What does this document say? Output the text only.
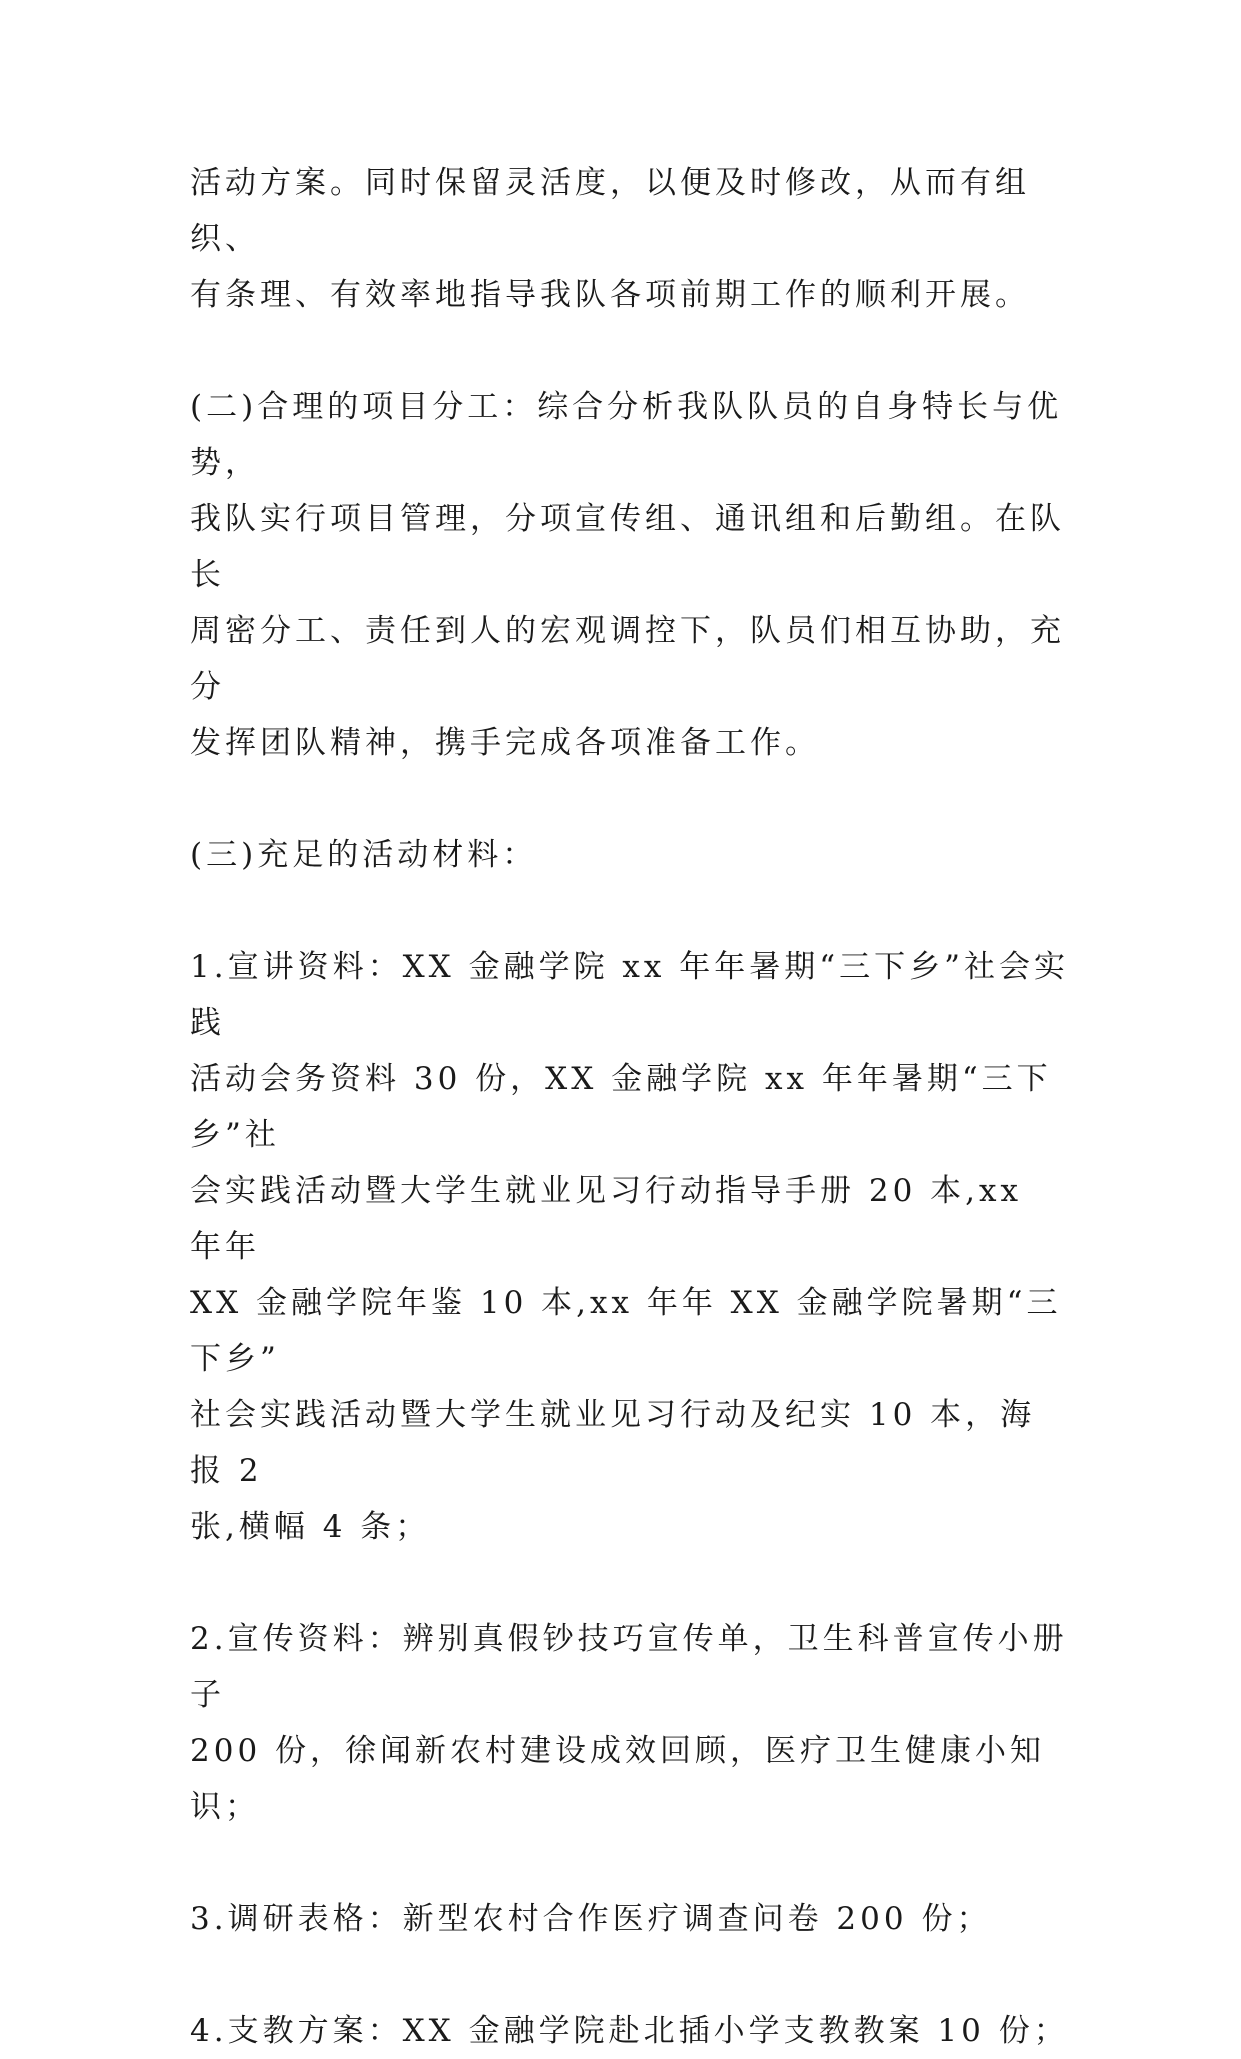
活动方案。同时保留灵活度，以便及时修改，从而有组织、
有条理、有效率地指导我队各项前期工作的顺利开展。
(二)合理的项目分工：综合分析我队队员的自身特长与优势，
我队实行项目管理，分项宣传组、通讯组和后勤组。在队长
周密分工、责任到人的宏观调控下，队员们相互协助，充分
发挥团队精神，携手完成各项准备工作。
(三)充足的活动材料：
1.宣讲资料：XX 金融学院 xx 年年暑期“三下乡”社会实践
活动会务资料 30 份，XX 金融学院 xx 年年暑期“三下乡”社
会实践活动暨大学生就业见习行动指导手册 20 本,xx 年年
XX 金融学院年鉴 10 本,xx 年年 XX 金融学院暑期“三下乡”
社会实践活动暨大学生就业见习行动及纪实 10 本，海报 2
张,横幅 4 条；
2.宣传资料：辨别真假钞技巧宣传单，卫生科普宣传小册子
200 份，徐闻新农村建设成效回顾，医疗卫生健康小知识；
3.调研表格：新型农村合作医疗调查问卷 200 份；
4.支教方案：XX 金融学院赴北插小学支教教案 10 份；
